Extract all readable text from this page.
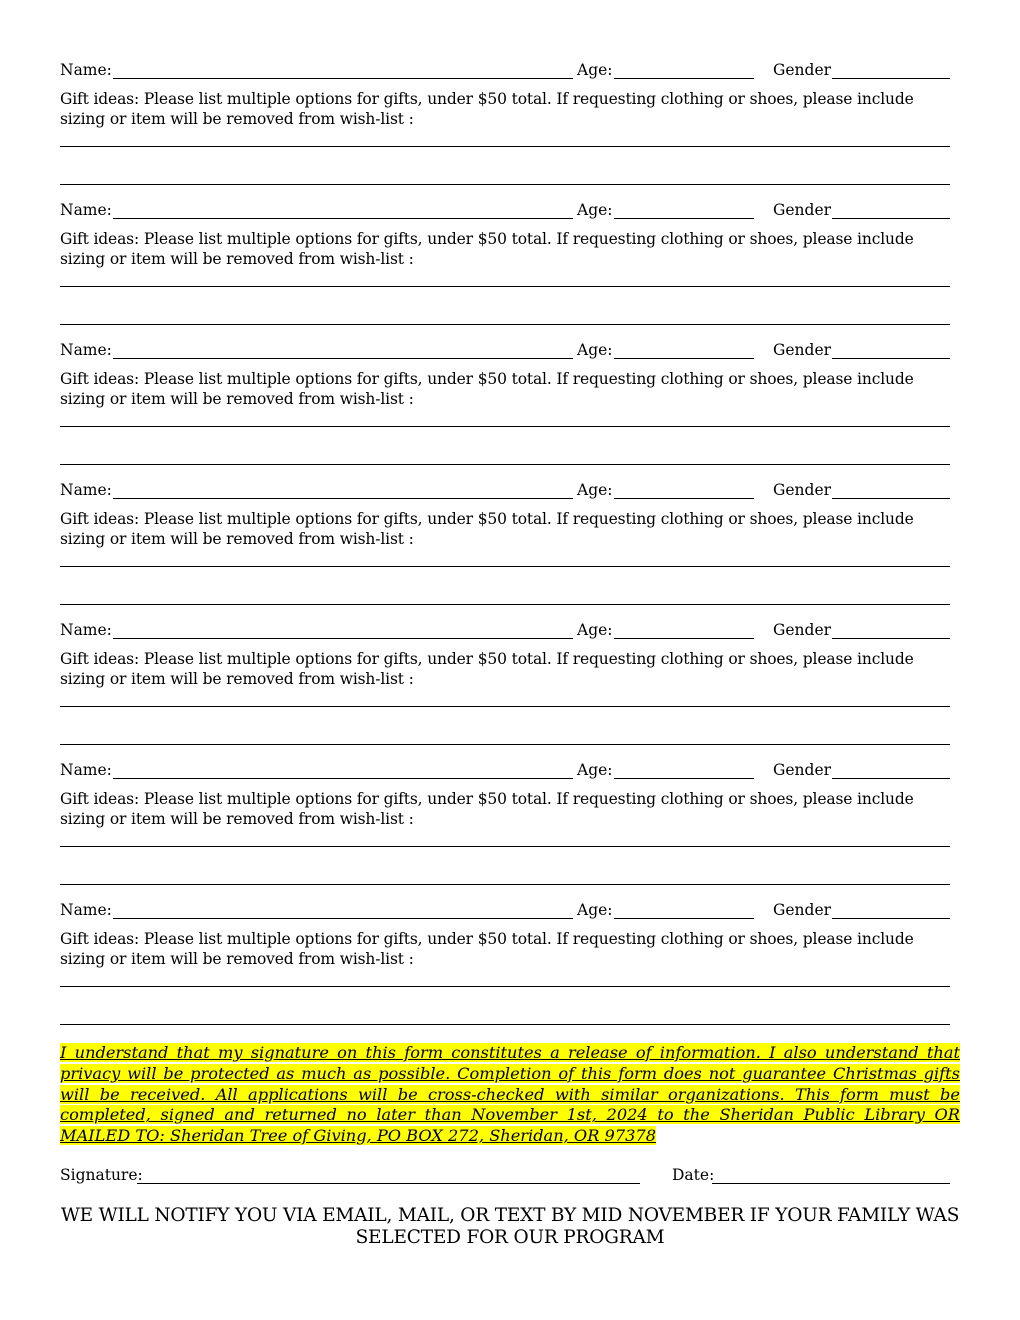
Name:	Age:	Gender
Gift ideas: Please list multiple options for gifts, under $50 total. If requesting clothing or shoes, please include sizing or item will be removed from wish-list :
Name:	Age:	Gender
Gift ideas: Please list multiple options for gifts, under $50 total. If requesting clothing or shoes, please include sizing or item will be removed from wish-list :
Name:	Age:	Gender
Gift ideas: Please list multiple options for gifts, under $50 total. If requesting clothing or shoes, please include sizing or item will be removed from wish-list :
Name:	Age:	Gender
Gift ideas: Please list multiple options for gifts, under $50 total. If requesting clothing or shoes, please include sizing or item will be removed from wish-list :
Name:	Age:	Gender
Gift ideas: Please list multiple options for gifts, under $50 total. If requesting clothing or shoes, please include sizing or item will be removed from wish-list :
Name:	Age:	Gender
Gift ideas: Please list multiple options for gifts, under $50 total. If requesting clothing or shoes, please include sizing or item will be removed from wish-list :
Name:	Age:	Gender
Gift ideas: Please list multiple options for gifts, under $50 total. If requesting clothing or shoes, please include sizing or item will be removed from wish-list :
I understand that my signature on this form constitutes a release of information. I also understand that privacy will be protected as much as possible. Completion of this form does not guarantee Christmas gifts will be received. All applications will be cross-checked with similar organizations. This form must be completed, signed and returned no later than November 1st, 2024 to the Sheridan Public Library OR MAILED TO: Sheridan Tree of Giving, PO BOX 272, Sheridan, OR 97378
Signature:	Date:
WE WILL NOTIFY YOU VIA EMAIL, MAIL, OR TEXT BY MID NOVEMBER IF YOUR FAMILY WAS
SELECTED FOR OUR PROGRAM
